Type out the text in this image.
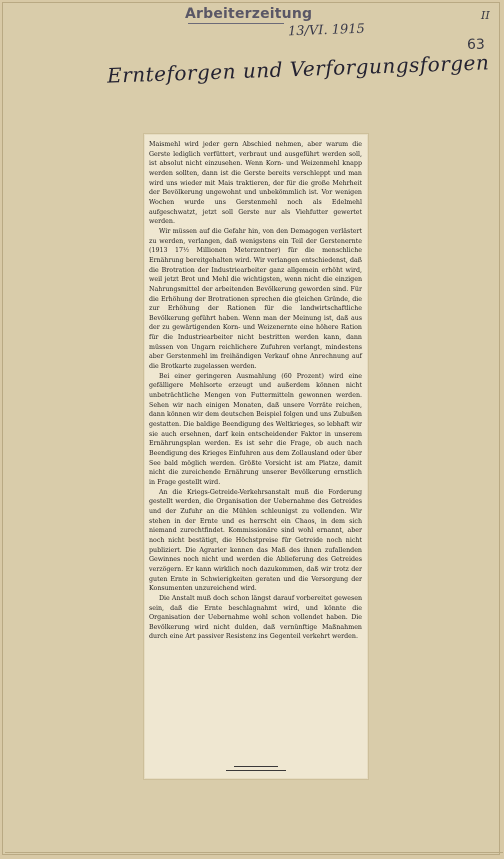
Arbeiterzeitung
13/VI. 1915
II
63
Ernteforgen und Verforgungsforgen

Maismehl wird jeder gern Abschied nehmen, aber warum die Gerste lediglich verfüttert, verbraut und ausgeführt werden soll, ist absolut nicht einzusehen. Wenn Korn- und Weizenmehl knapp werden sollten, dann ist die Gerste bereits verschleppt und man wird uns wieder mit Mais traktieren, der für die große Mehrheit der Bevölkerung ungewohnt und unbekömmlich ist. Vor wenigen Wochen wurde uns Gerstenmehl noch als Edelmehl aufgeschwatzt, jetzt soll Gerste nur als Viehfutter gewertet werden.

Wir müssen auf die Gefahr hin, von den Demagogen verlästert zu werden, verlangen, daß wenigstens ein Teil der Gerstenernte (1913 17½ Millionen Meterzentner) für die menschliche Ernährung bereitgehalten wird. Wir verlangen entschiedenst, daß die Brotration der Industriearbeiter ganz allgemein erhöht wird, weil jetzt Brot und Mehl die wichtigsten, wenn nicht die einzigen Nahrungsmittel der arbeitenden Bevölkerung geworden sind. Für die Erhöhung der Brotrationen sprechen die gleichen Gründe, die zur Erhöhung der Rationen für die landwirtschaftliche Bevölkerung geführt haben. Wenn man der Meinung ist, daß aus der zu gewärtigenden Korn- und Weizenernte eine höhere Ration für die Industriearbeiter nicht bestritten werden kann, dann müssen von Ungarn reichlichere Zufuhren verlangt, mindestens aber Gerstenmehl im freihändigen Verkauf ohne Anrechnung auf die Brotkarte zugelassen werden.

Bei einer geringeren Ausmahlung (60 Prozent) wird eine gefälligere Mehlsorte erzeugt und außerdem können nicht unbeträchtliche Mengen von Futtermitteln gewonnen werden. Sehen wir nach einigen Monaten, daß unsere Vorräte reichen, dann können wir dem deutschen Beispiel folgen und uns Zubußen gestatten. Die baldige Beendigung des Weltkrieges, so lebhaft wir sie auch ersehnen, darf kein entscheidender Faktor in unserem Ernährungsplan werden. Es ist sehr die Frage, ob auch nach Beendigung des Krieges Einfuhren aus dem Zollausland oder über See bald möglich werden. Größte Vorsicht ist am Platze, damit nicht die zureichende Ernährung unserer Bevölkerung ernstlich in Frage gestellt wird.

An die Kriegs-Getreide-Verkehrsanstalt muß die Forderung gestellt werden, die Organisation der Uebernahme des Getreides und der Zufuhr an die Mühlen schleunigst zu vollenden. Wir stehen in der Ernte und es herrscht ein Chaos, in dem sich niemand zurechtfindet. Kommissionäre sind wohl ernannt, aber noch nicht bestätigt, die Höchstpreise für Getreide noch nicht publiziert. Die Agrarier kennen das Maß des ihnen zufallenden Gewinnes noch nicht und werden die Ablieferung des Getreides verzögern. Er kann wirklich noch dazukommen, daß wir trotz der guten Ernte in Schwierigkeiten geraten und die Versorgung der Konsumenten unzureichend wird.

Die Anstalt muß doch schon längst darauf vorbereitet gewesen sein, daß die Ernte beschlagnahmt wird, und könnte die Organisation der Uebernahme wohl schon vollendet haben. Die Bevölkerung wird nicht dulden, daß vernünftige Maßnahmen durch eine Art passiver Resistenz ins Gegenteil verkehrt werden.
